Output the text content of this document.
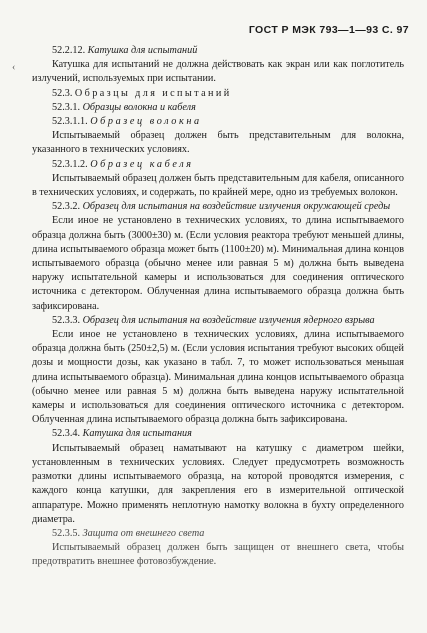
ГОСТ Р МЭК 793—1—93 С. 97
‹

52.2.12. Катушка для испытаний

Катушка для испытаний не должна действовать как экран или как поглотитель излучений, используемых при испытании.

52.3. Образцы для испытаний

52.3.1. Образцы волокна и кабеля

52.3.1.1. Образец волокна

Испытываемый образец должен быть представительным для волокна, указанного в технических условиях.

52.3.1.2. Образец кабеля

Испытываемый образец должен быть представительным для кабеля, описанного в технических условиях, и содержать, по крайней мере, одно из требуемых волокон.

52.3.2. Образец для испытания на воздействие излучения окружающей среды

Если иное не установлено в технических условиях, то длина испытываемого образца должна быть (3000±30) м. (Если условия реактора требуют меньшей длины, длина испытываемого образца может быть (1100±20) м). Минимальная длина концов испытываемого образца (обычно менее или равная 5 м) должна быть выведена наружу испытательной камеры и использоваться для соединения оптического источника с детектором. Облученная длина испытываемого образца должна быть зафиксирована.

52.3.3. Образец для испытания на воздействие излучения ядерного взрыва

Если иное не установлено в технических условиях, длина испытываемого образца должна быть (250±2,5) м. (Если условия испытания требуют высоких общей дозы и мощности дозы, как указано в табл. 7, то может использоваться меньшая длина испытываемого образца). Минимальная длина концов испытываемого образца (обычно менее или равная 5 м) должна быть выведена наружу испытательной камеры и использоваться для соединения оптического источника с детектором. Облученная длина испытываемого образца должна быть зафиксирована.

52.3.4. Катушка для испытания

Испытываемый образец наматывают на катушку с диаметром шейки, установленным в технических условиях. Следует предусмотреть возможность размотки длины испытываемого образца, на которой проводятся измерения, с каждого конца катушки, для закрепления его в измерительной оптической аппаратуре. Можно применять неплотную намотку волокна в бухту определенного диаметра.

52.3.5. Защита от внешнего света

Испытываемый образец должен быть защищен от внешнего света, чтобы предотвратить внешнее фотовозбуждение.
